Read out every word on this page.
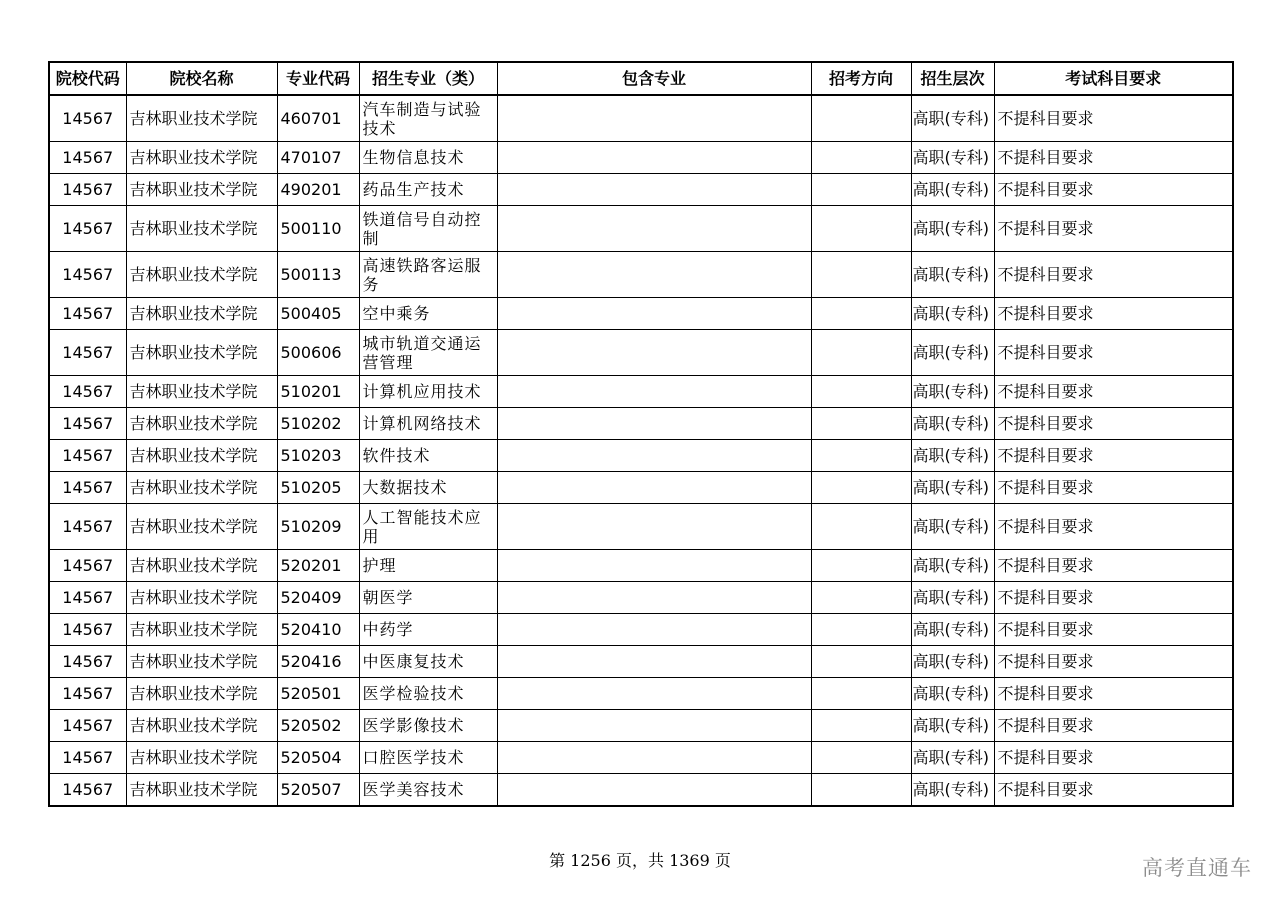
院校代码	院校名称	专业代码	招生专业（类）	包含专业	招考方向	招生层次	考试科目要求
14567	吉林职业技术学院	460701	汽车制造与试验技术			高职(专科)	不提科目要求
14567	吉林职业技术学院	470107	生物信息技术			高职(专科)	不提科目要求
14567	吉林职业技术学院	490201	药品生产技术			高职(专科)	不提科目要求
14567	吉林职业技术学院	500110	铁道信号自动控制			高职(专科)	不提科目要求
14567	吉林职业技术学院	500113	高速铁路客运服务			高职(专科)	不提科目要求
14567	吉林职业技术学院	500405	空中乘务			高职(专科)	不提科目要求
14567	吉林职业技术学院	500606	城市轨道交通运营管理			高职(专科)	不提科目要求
14567	吉林职业技术学院	510201	计算机应用技术			高职(专科)	不提科目要求
14567	吉林职业技术学院	510202	计算机网络技术			高职(专科)	不提科目要求
14567	吉林职业技术学院	510203	软件技术			高职(专科)	不提科目要求
14567	吉林职业技术学院	510205	大数据技术			高职(专科)	不提科目要求
14567	吉林职业技术学院	510209	人工智能技术应用			高职(专科)	不提科目要求
14567	吉林职业技术学院	520201	护理			高职(专科)	不提科目要求
14567	吉林职业技术学院	520409	朝医学			高职(专科)	不提科目要求
14567	吉林职业技术学院	520410	中药学			高职(专科)	不提科目要求
14567	吉林职业技术学院	520416	中医康复技术			高职(专科)	不提科目要求
14567	吉林职业技术学院	520501	医学检验技术			高职(专科)	不提科目要求
14567	吉林职业技术学院	520502	医学影像技术			高职(专科)	不提科目要求
14567	吉林职业技术学院	520504	口腔医学技术			高职(专科)	不提科目要求
14567	吉林职业技术学院	520507	医学美容技术			高职(专科)	不提科目要求
第 1256 页，共 1369 页	高考直通车
